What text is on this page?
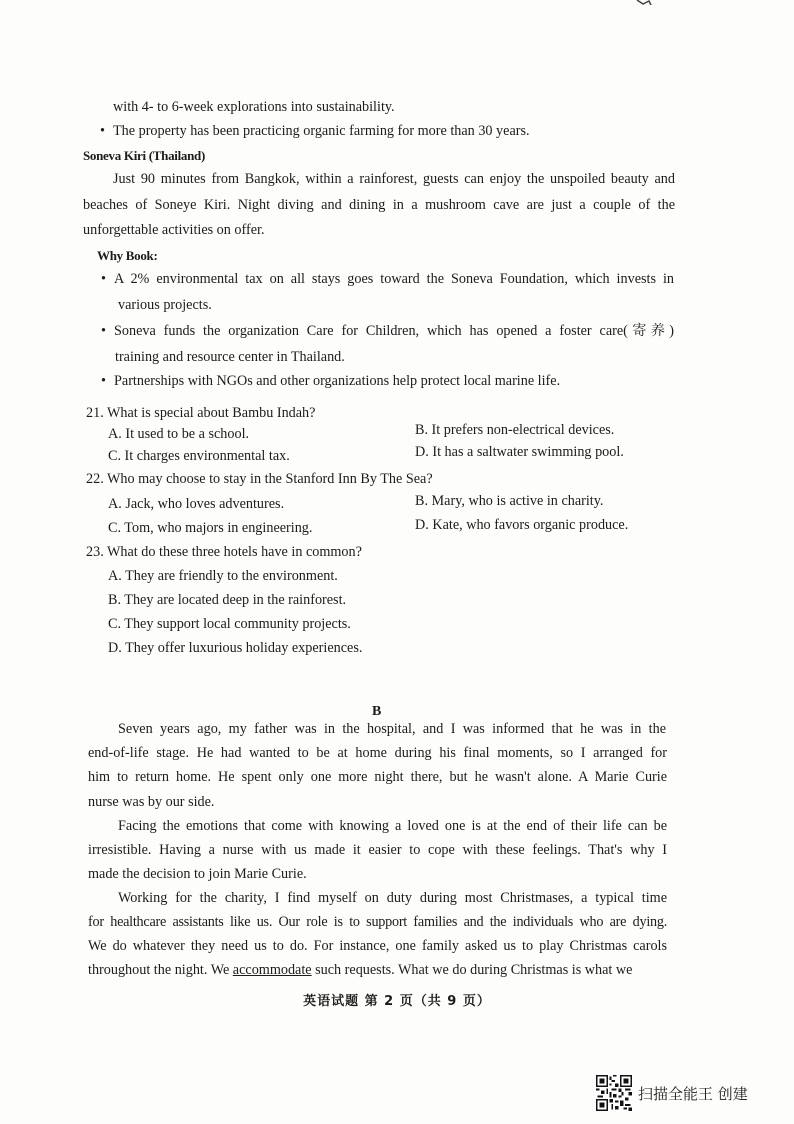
with 4- to 6-week explorations into sustainability.
• The property has been practicing organic farming for more than 30 years.
Soneva Kiri (Thailand)
Just 90 minutes from Bangkok, within a rainforest, guests can enjoy the unspoiled beauty and
beaches of Soneye Kiri. Night diving and dining in a mushroom cave are just a couple of the
unforgettable activities on offer.
Why Book:
• A 2% environmental tax on all stays goes toward the Soneva Foundation, which invests in
various projects.
• Soneva funds the organization Care for Children, which has opened a foster care(寄养)
training and resource center in Thailand.
• Partnerships with NGOs and other organizations help protect local marine life.
21. What is special about Bambu Indah?
A. It used to be a school.	B. It prefers non-electrical devices.
C. It charges environmental tax.	D. It has a saltwater swimming pool.
22. Who may choose to stay in the Stanford Inn By The Sea?
A. Jack, who loves adventures.	B. Mary, who is active in charity.
C. Tom, who majors in engineering.	D. Kate, who favors organic produce.
23. What do these three hotels have in common?
A. They are friendly to the environment.
B. They are located deep in the rainforest.
C. They support local community projects.
D. They offer luxurious holiday experiences.
B
Seven years ago, my father was in the hospital, and I was informed that he was in the
end-of-life stage. He had wanted to be at home during his final moments, so I arranged for
him to return home. He spent only one more night there, but he wasn't alone. A Marie Curie
nurse was by our side.
Facing the emotions that come with knowing a loved one is at the end of their life can be
irresistible. Having a nurse with us made it easier to cope with these feelings. That's why I
made the decision to join Marie Curie.
Working for the charity, I find myself on duty during most Christmases, a typical time
for healthcare assistants like us. Our role is to support families and the individuals who are dying.
We do whatever they need us to do. For instance, one family asked us to play Christmas carols
throughout the night. We accommodate such requests. What we do during Christmas is what we
英语试题 第 2 页（共 9 页）
扫描全能王 创建
